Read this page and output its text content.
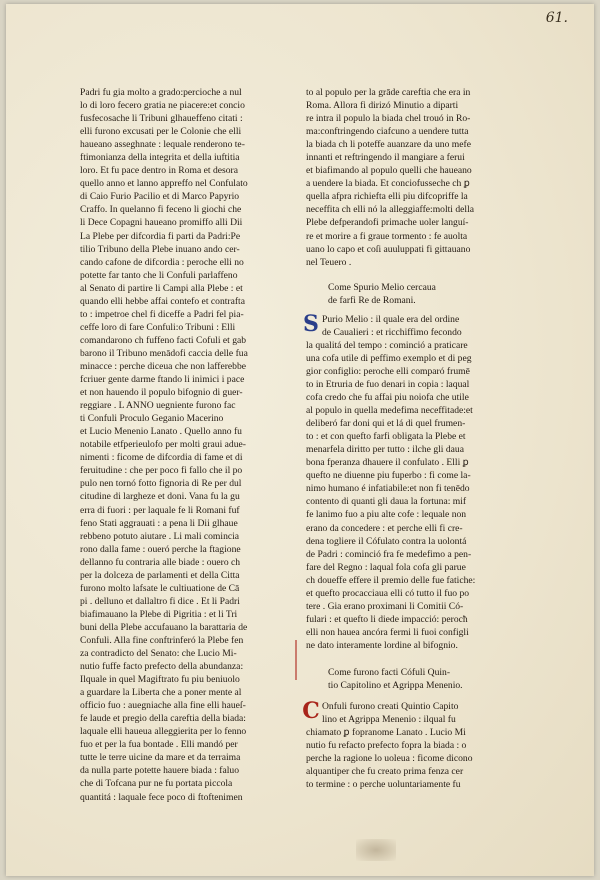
61.
Padri fu gia molto a grado:percioche a nul
lo di loro fecero gratia ne piacere:et concio
fusfecosache li Tribuni glhaueffeno citati :
elli furono excusati per le Colonie che elli
haueano asseghnate : lequale renderono te-
ftimonianza della integrita et della iuftitia
loro. Et fu pace dentro in Roma et desora
quello anno et lanno appreffo nel Confulato
di Caio Furio Pacilio et di Marco Papyrio
Craffo. In quelanno fi feceno li giochi che
li Dece Copagni haueano promiffo alli Dii
La Plebe per difcordia fi parti da Padri:Pe
tilio Tribuno della Plebe inuano ando cer-
cando cafone de difcordia : peroche elli no
potette far tanto che li Confuli parlaffeno
al Senato di partire li Campi alla Plebe : et
quando elli hebbe affai contefo et contrafta
to : impetroe chel fi diceffe a Padri fel pia-
ceffe loro di fare Confuli:o Tribuni : Elli
comandarono ch fuffeno facti Cofuli et gab
barono il Tribuno menādofi caccia delle fua
minacce : perche diceua che non lafferebbe
fcriuer gente darme ftando li inimici i pace
et non hauendo il populo bifognio di guer-
reggiare . L ANNO uegniente furono fac
ti Confuli Proculo Geganio Macerino
et Lucio Menenio Lanato . Quello anno fu
notabile etfperieulofo per molti graui adue-
nimenti : ficome de difcordia di fame et di
feruitudine : che per poco fi fallo che il po
pulo nen tornó fotto fignoria di Re per dul
citudine di largheze et doni. Vana fu la gu
erra di fuori : per laquale fe li Romani fuf
feno Stati aggrauati : a pena li Dii glhaue
rebbeno potuto aiutare . Li mali comincia
rono dalla fame : oueró perche la ftagione
dellanno fu contraria alle biade : ouero ch
per la dolceza de parlamenti et della Citta
furono molto lafsate le cultiuatione de Cā
pi . delluno et dallaltro fi dice . Et li Padri
biafimauano la Plebe di Pigritia : et li Tri
buni della Plebe accufauano la barattaria de
Confuli. Alla fine conftrinferó la Plebe fen
za contradicto del Senato: che Lucio Mi-
nutio fuffe facto prefecto della abundanza:
Ilquale in quel Magiftrato fu piu beniuolo
a guardare la Liberta che a poner mente al
officio fuo : auegniache alla fine elli haueſ-
fe laude et pregio della careftia della biada:
laquale elli haueua alleggierita per lo fenno
fuo et per la fua bontade . Elli mandó per
tutte le terre uicine da mare et da terraima
da nulla parte potette hauere biada : faluo
che di Tofcana pur ne fu portata piccola
quantitá : laquale fece poco di ftoftenimen
to al populo per la grāde careftia che era in
Roma. Allora fi dirizó Minutio a diparti
re intra il populo la biada chel trouó in Ro-
ma:conftringendo ciafcuno a uendere tutta
la biada ch li poteffe auanzare da uno mefe
innanti et reftringendo il mangiare a ferui
et biafimando al populo quelli che haueano
a uendere la biada. Et conciofusseche ch ꝑ
quella afpra richiefta elli piu difcopriffe la
neceffita ch elli nó la alleggiaffe:molti della
Plebe defperandofi primache uoler languí-
re et morire a fi graue tormento : fe auolta
uano lo capo et coſi auuluppati fi gittauano
nel Teuero .
Come Spurio Melio cercaua
de farfi Re de Romani.
S Purio Melio : il quale era del ordine
de Caualieri : et ricchiffimo fecondo
la qualitá del tempo : cominció a praticare
una cofa utile di peffimo exemplo et di peg
gior configlio: peroche elli comparó frumē
to in Etruria de fuo denari in copia : laqual
cofa credo che fu affai piu noiofa che utile
al populo in quella medefima neceffitade:et
deliberó far doni qui et lá di quel frumen-
to : et con quefto farfi obligata la Plebe et
menarfela diritto per tutto : ilche gli daua
bona fperanza dhauere il confulato . Elli ꝑ
quefto ne diuenne piu fuperbo : fi come la-
nimo humano é infatiabile:et non fi tenēdo
contento di quanti gli daua la fortuna: mif
fe lanimo fuo a piu alte cofe : lequale non
erano da concedere : et perche elli fi cre-
dena togliere il Cófulato contra la uolontá
de Padri : cominció fra fe medefimo a pen-
fare del Regno : laqual fola cofa gli parue
ch doueffe effere il premio delle fue fatiche:
et quefto procacciaua elli có tutto il fuo po
tere . Gia erano proximani li Comitii Có-
fulari : et quefto li diede impacció: perocħ
elli non hauea ancóra fermi li fuoi configli
ne dato interamente lordine al bifognio.
Come furono facti Cófuli Quin-
tio Capitolino et Agrippa Menenio.
C Onfuli furono creati Quintio Capito
lino et Agrippa Menenio : ilqual fu
chiamato ꝑ fopranome Lanato . Lucio Mi
nutio fu refacto prefecto fopra la biada : o
perche la ragione lo uoleua : ficome dicono
alquantiper che fu creato prima fenza cer
to termine : o perche uoluntariamente fu
